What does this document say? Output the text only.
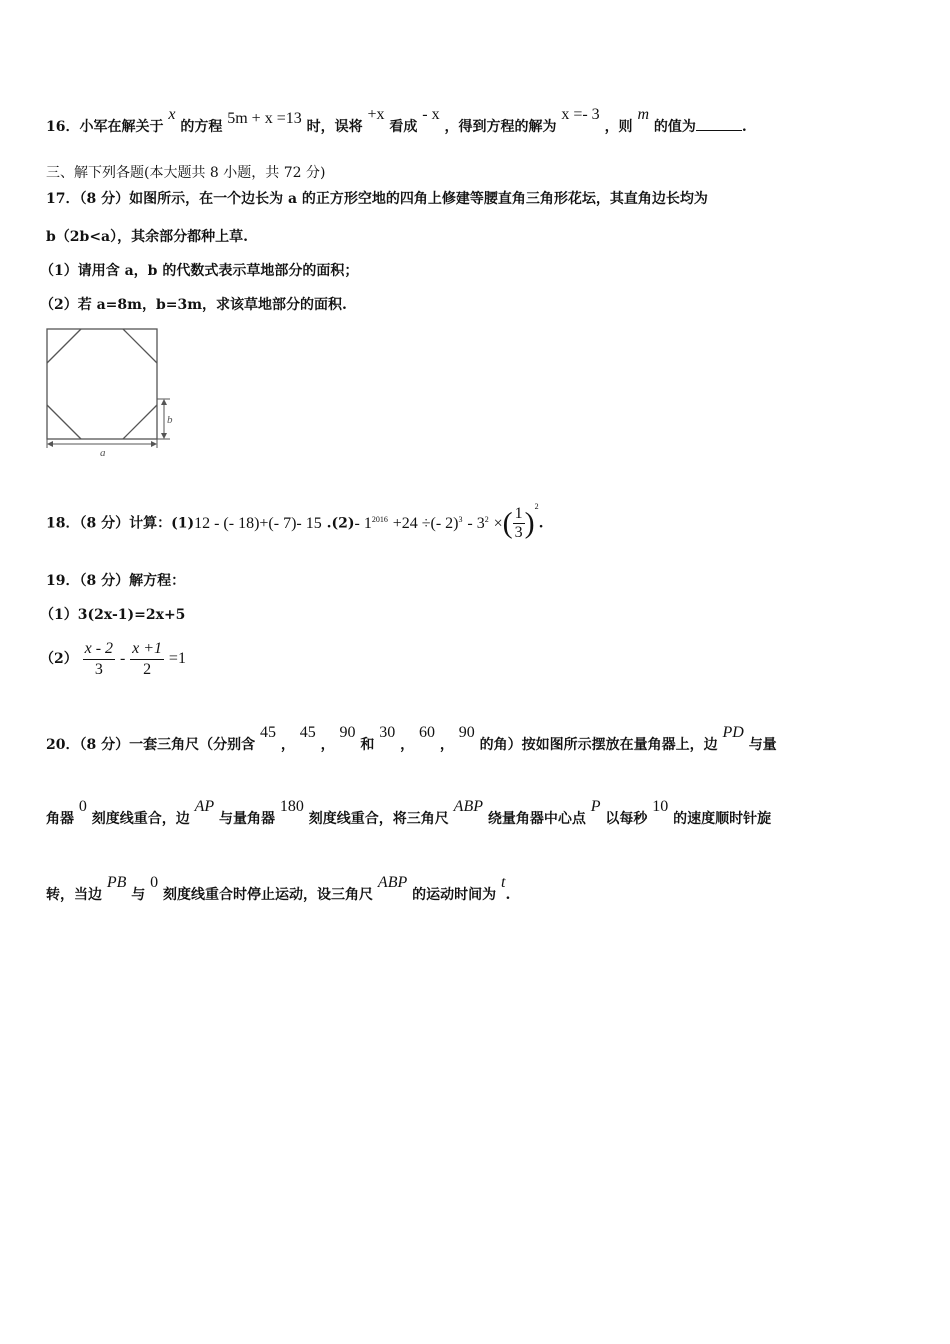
16．小军在解关于 x 的方程 5m + x =13 时，误将 +x 看成 - x ，得到方程的解为 x =- 3 ，则 m 的值为	.
三、解下列各题(本大题共 8 小题，共 72 分)
17．（8 分）如图所示，在一个边长为 a 的正方形空地的四角上修建等腰直角三角形花坛，其直角边长均为
b（2b<a），其余部分都种上草.
（1）请用含 a，b 的代数式表示草地部分的面积；
（2）若 a=8m，b=3m，求该草地部分的面积.
b
a
18．（8 分）计算：(1)12 - (- 18)+(- 7)- 15 .(2)- $1^{2016} +24$ ÷(- $2)^3 - 3^2$ ×( $\frac{1}{3} )^2$.
19．（8 分）解方程：
（1）3(2x-1)=2x+5
$(2) \frac{x - 2}{3} - \frac{x +1}{2} =1$
20．（8 分）一套三角尺（分别含 45 ， 45 ， 90 和 30 ， 60 ， 90 的角）按如图所示摆放在量角器上，边 PD 与量
角器 0 刻度线重合，边 AP 与量角器 180 刻度线重合，将三角尺 ABP 绕量角器中心点 P 以每秒 10 的速度顺时针旋
转，当边 PB 与 0 刻度线重合时停止运动，设三角尺 ABP 的运动时间为 t.
